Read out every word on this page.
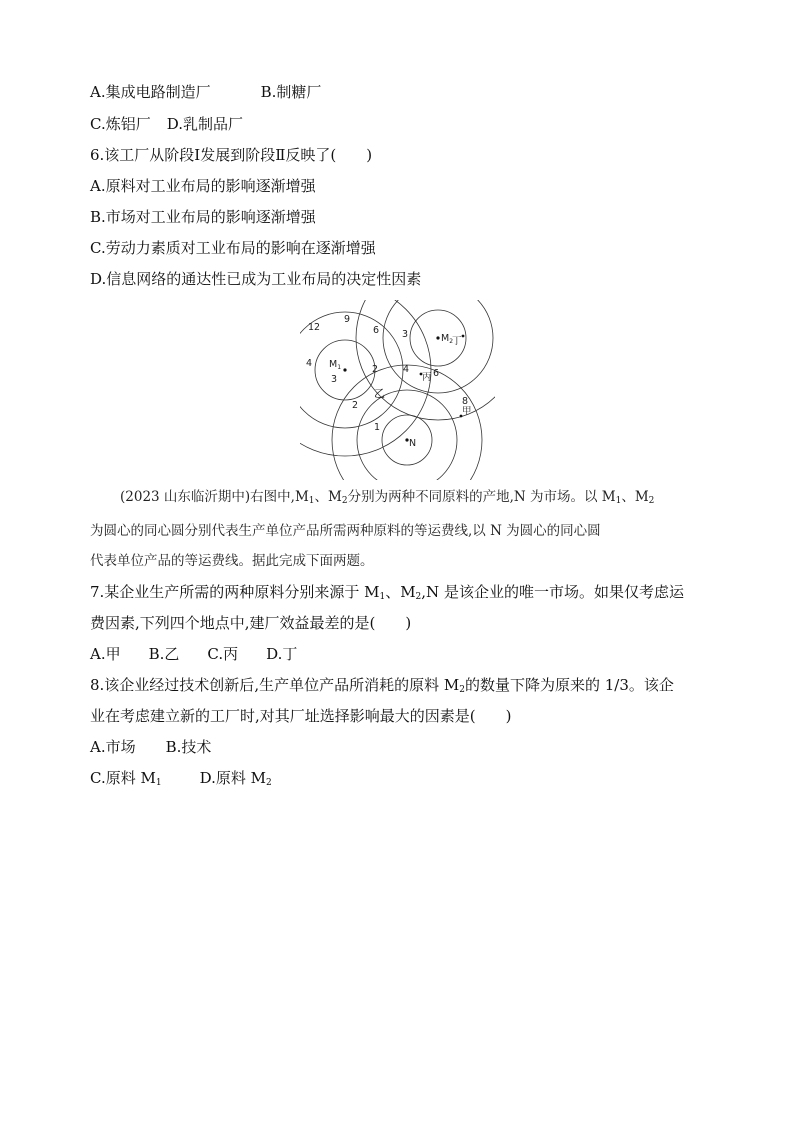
A.集成电路制造厂	B.制糖厂
C.炼铝厂 D.乳制品厂
6.该工厂从阶段Ⅰ发展到阶段Ⅱ反映了(　　)
A.原料对工业布局的影响逐渐增强
B.市场对工业布局的影响逐渐增强
C.劳动力素质对工业布局的影响在逐渐增强
D.信息网络的通达性已成为工业布局的决定性因素
12
9
6 3
4
3
2	4	6
2
1
8
$M_1$
$M_2$
丁
丙
乙
甲
N
(2023 山东临沂期中)右图中$,M_1$、$M_2$分别为两种不同原料的产地,N 为市场。以 $M_1$、$M_2$
为圆心的同心圆分别代表生产单位产品所需两种原料的等运费线,以 N 为圆心的同心圆
代表单位产品的等运费线。据此完成下面两题。
7.某企业生产所需的两种原料分别来源于 $M_1$、$M_2,N$ 是该企业的唯一市场。如果仅考虑运
费因素,下列四个地点中,建厂效益最差的是(　　)
A.甲 B.乙 C.丙 D.丁
8.该企业经过技术创新后,生产单位产品所消耗的原料 $M_2$的数量下降为原来的 1/3。该企
业在考虑建立新的工厂时,对其厂址选择影响最大的因素是(　　)
A.市场 B.技术
C.原料 $M_1$	D.原料 $M_2$
